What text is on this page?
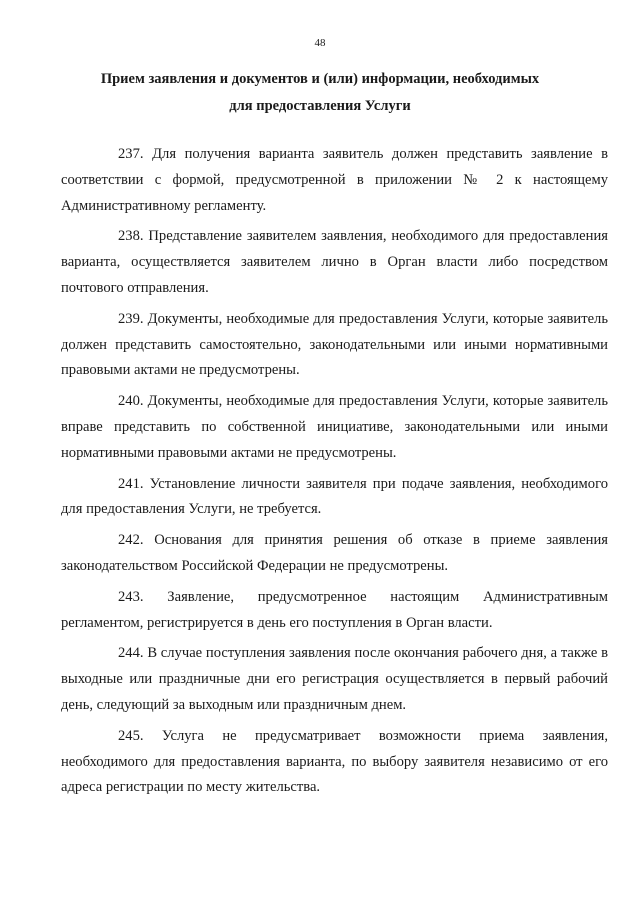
48
Прием заявления и документов и (или) информации, необходимых
для предоставления Услуги

237. Для получения варианта заявитель должен представить заявление в соответствии с формой, предусмотренной в приложении № 2 к настоящему Административному регламенту.

238. Представление заявителем заявления, необходимого для предоставления варианта, осуществляется заявителем лично в Орган власти либо посредством почтового отправления.

239. Документы, необходимые для предоставления Услуги, которые заявитель должен представить самостоятельно, законодательными или иными нормативными правовыми актами не предусмотрены.

240. Документы, необходимые для предоставления Услуги, которые заявитель вправе представить по собственной инициативе, законодательными или иными нормативными правовыми актами не предусмотрены.

241. Установление личности заявителя при подаче заявления, необходимого для предоставления Услуги, не требуется.

242. Основания для принятия решения об отказе в приеме заявления законодательством Российской Федерации не предусмотрены.

243. Заявление, предусмотренное настоящим Административным регламентом, регистрируется в день его поступления в Орган власти.

244. В случае поступления заявления после окончания рабочего дня, а также в выходные или праздничные дни его регистрация осуществляется в первый рабочий день, следующий за выходным или праздничным днем.

245. Услуга не предусматривает возможности приема заявления, необходимого для предоставления варианта, по выбору заявителя независимо от его адреса регистрации по месту жительства.
